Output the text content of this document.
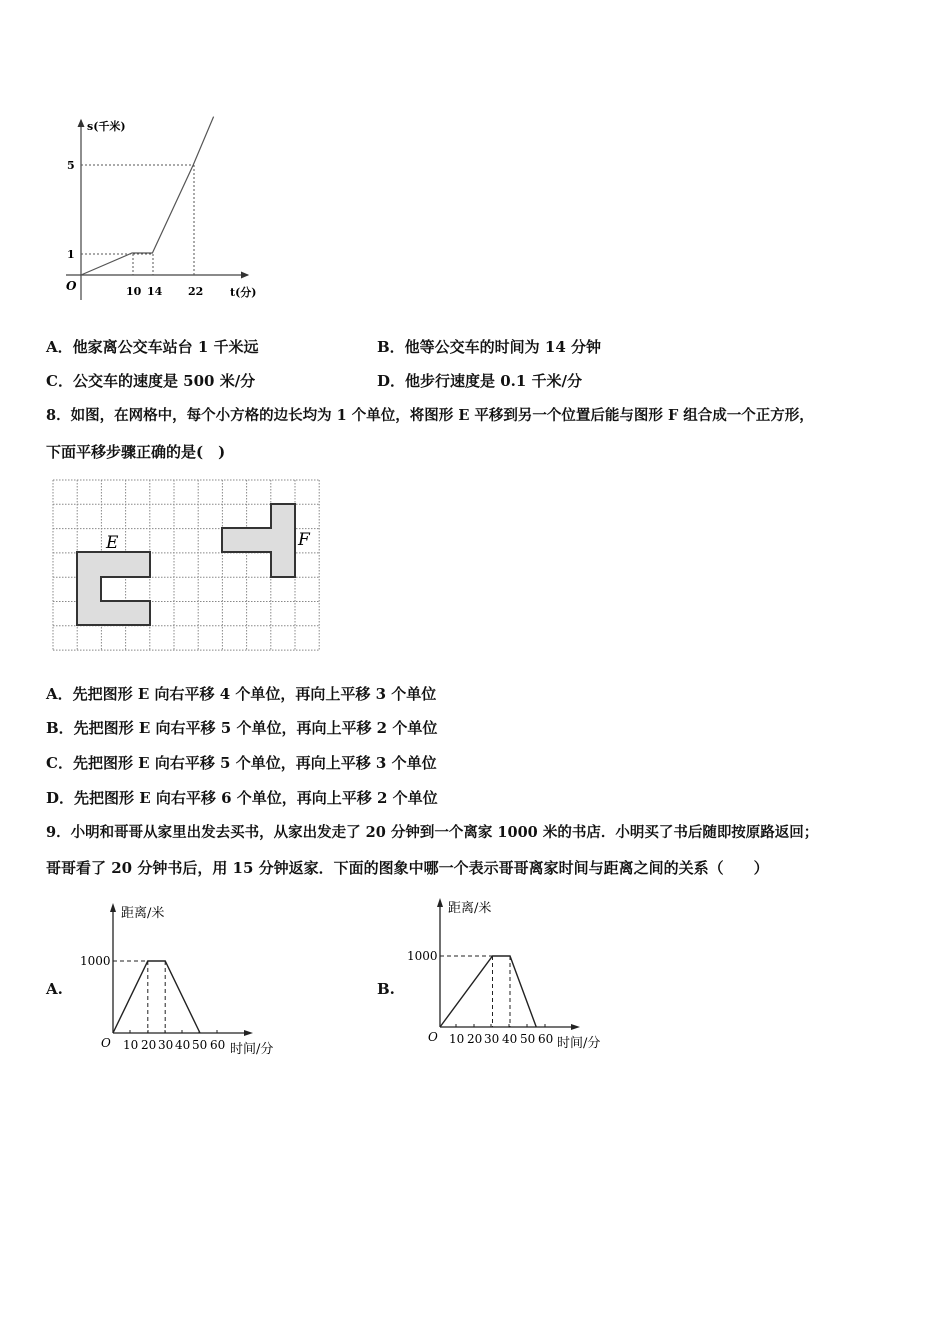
s(千米)
t(分)
O
5
1
10 14 22
A．他家离公交车站台 1 千米远	B．他等公交车的时间为 14 分钟
C．公交车的速度是 500 米/分	D．他步行速度是 0.1 千米/分
8．如图，在网格中，每个小方格的边长均为 1 个单位，将图形 E 平移到另一个位置后能与图形 F 组合成一个正方形，
下面平移步骤正确的是(　)
E	F
A．先把图形 E 向右平移 4 个单位，再向上平移 3 个单位
B．先把图形 E 向右平移 5 个单位，再向上平移 2 个单位
C．先把图形 E 向右平移 5 个单位，再向上平移 3 个单位
D．先把图形 E 向右平移 6 个单位，再向上平移 2 个单位
9．小明和哥哥从家里出发去买书，从家出发走了 20 分钟到一个离家 1000 米的书店．小明买了书后随即按原路返回；
哥哥看了 20 分钟书后，用 15 分钟返家．下面的图象中哪一个表示哥哥离家时间与距离之间的关系（　　）
A.	B.
10 20 30 40 50 60
1000
O
距离/米
时间/分
10 20 30 40 50 60
1000
O
距离/米
时间/分
